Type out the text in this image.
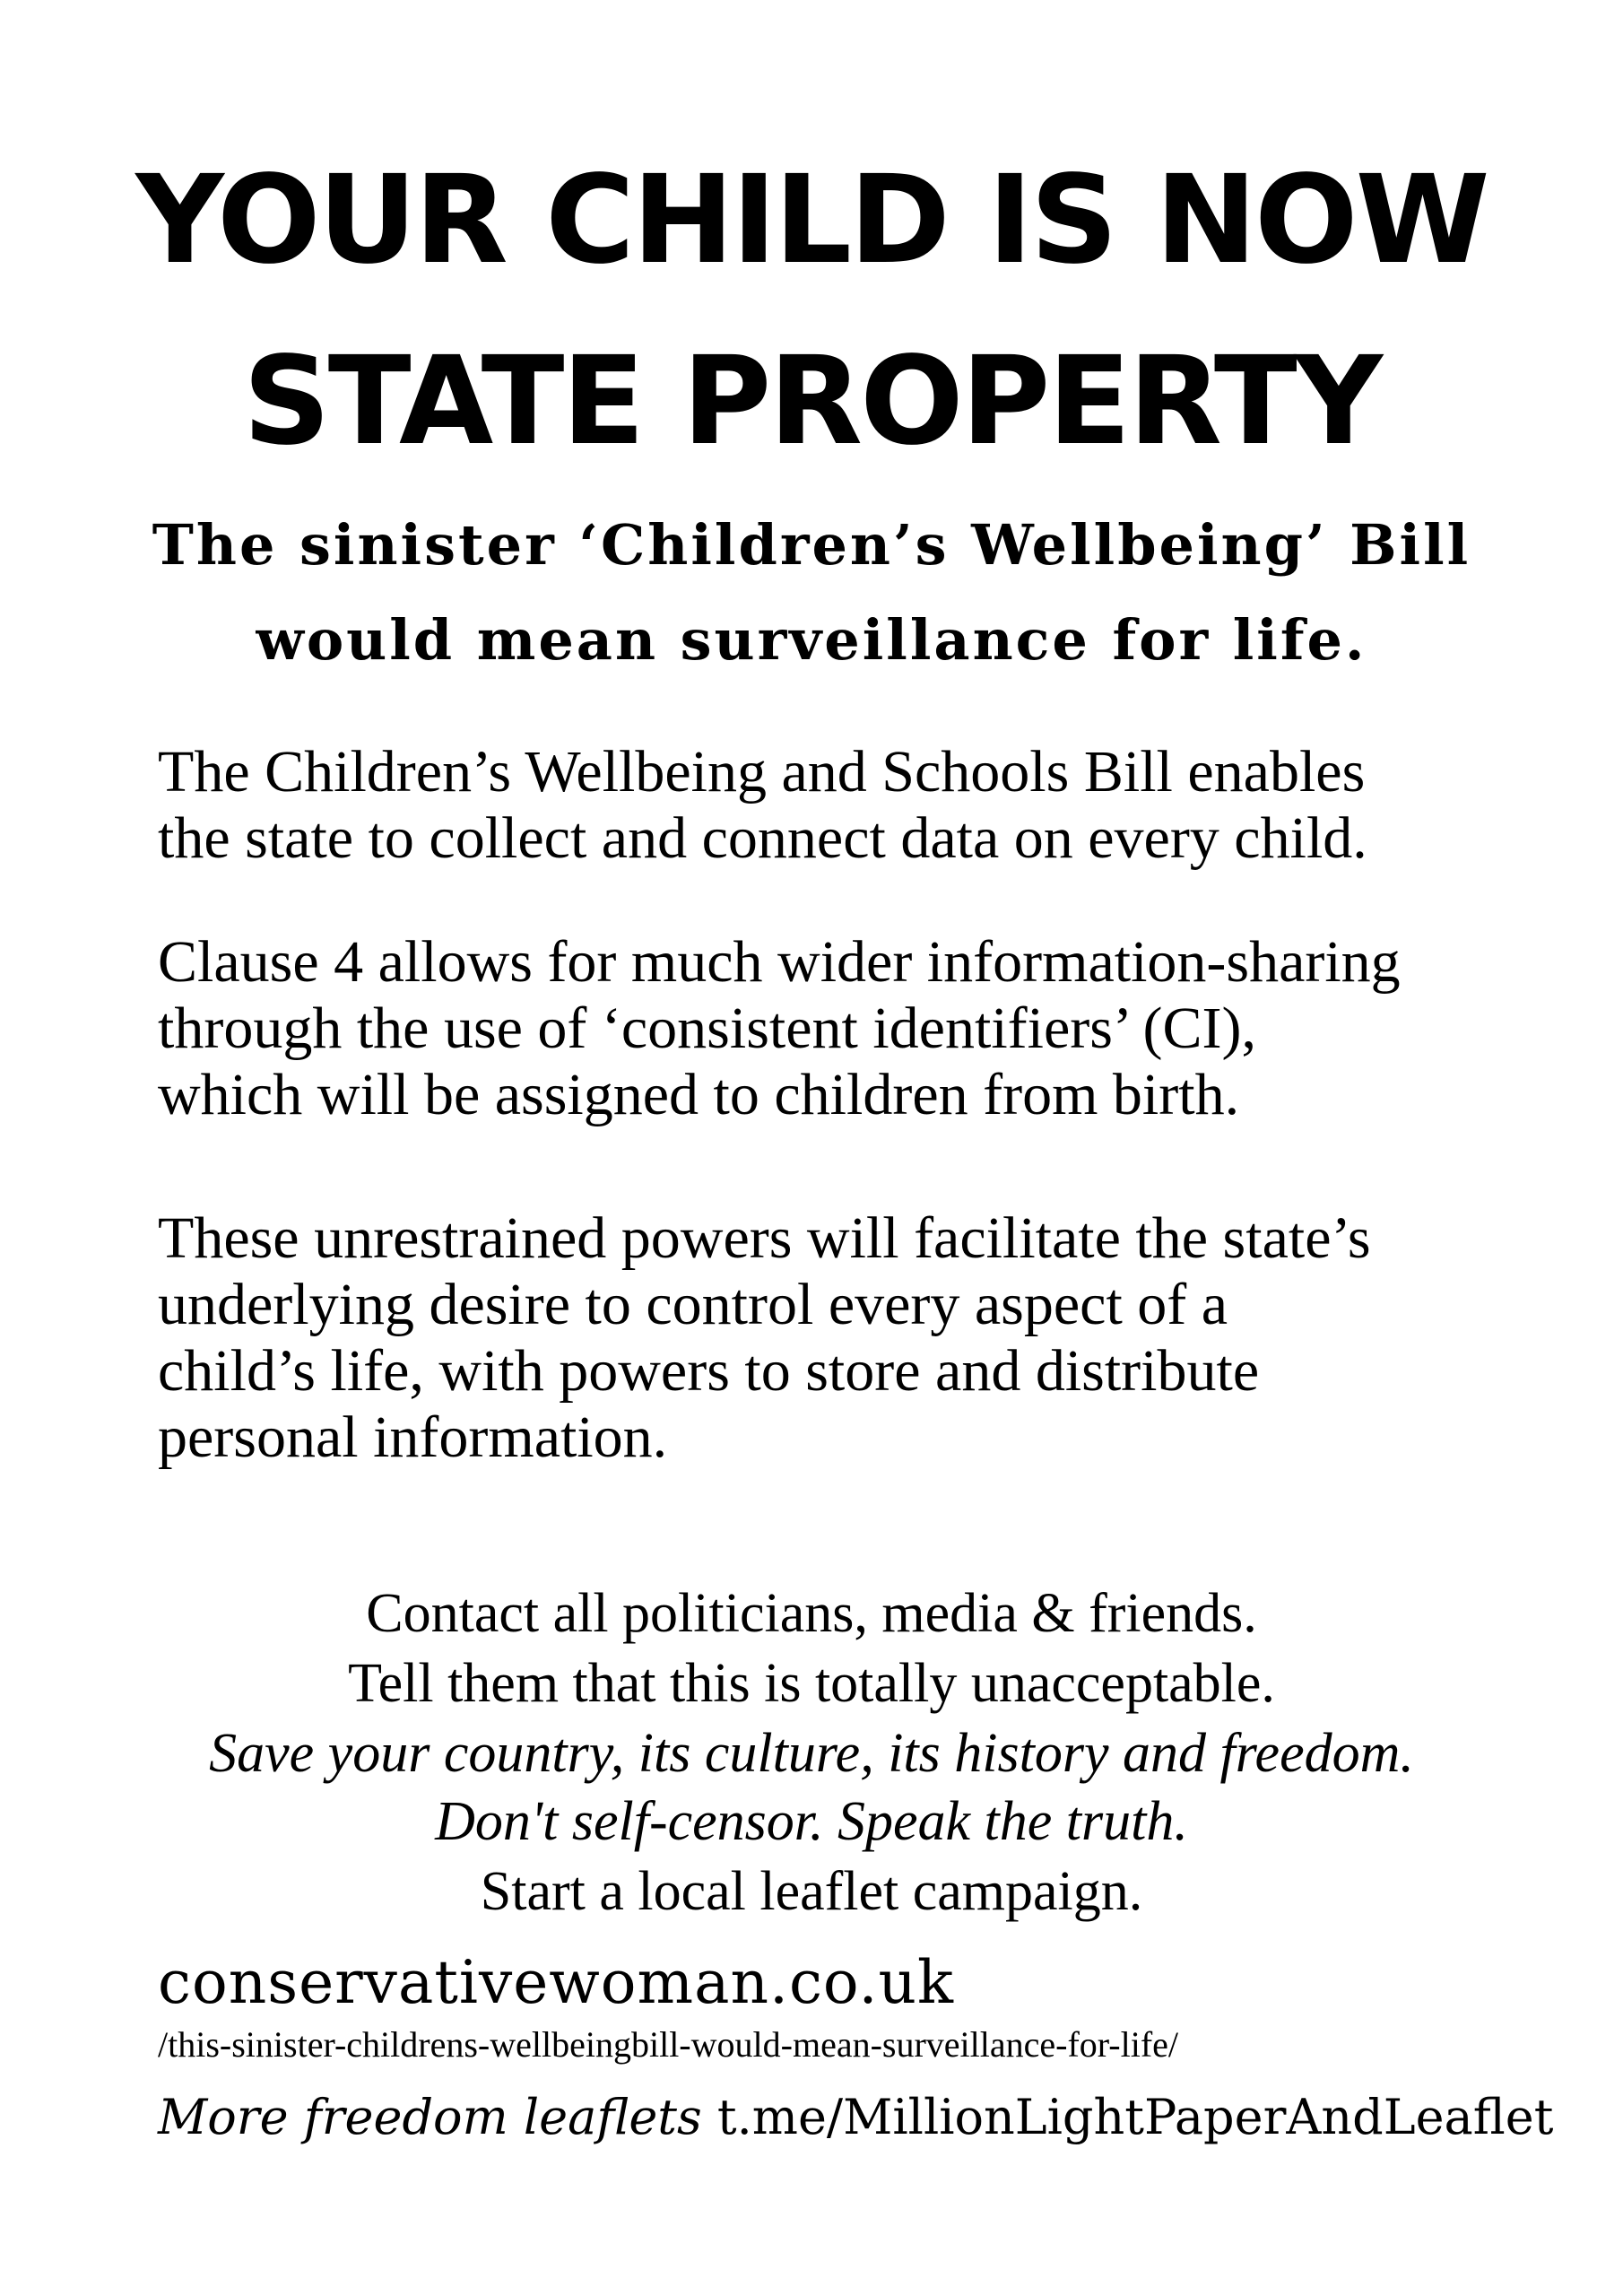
YOUR CHILD IS NOW
STATE PROPERTY
The sinister ‘Children’s Wellbeing’ Bill
would mean surveillance for life.

The Children’s Wellbeing and Schools Bill enables

the state to collect and connect data on every child.

Clause 4 allows for much wider information-sharing

through the use of ‘consistent identifiers’ (CI),

which will be assigned to children from birth.

These unrestrained powers will facilitate the state’s

underlying desire to control every aspect of a

child’s life, with powers to store and distribute

personal information.

Contact all politicians, media & friends.

Tell them that this is totally unacceptable.

Save your country, its culture, its history and freedom.

Don't self-censor. Speak the truth.

Start a local leaflet campaign.

conservativewoman.co.uk
/this-sinister-childrens-wellbeingbill-would-mean-surveillance-for-life/
More freedom leaflets t.me/MillionLightPaperAndLeaflet
